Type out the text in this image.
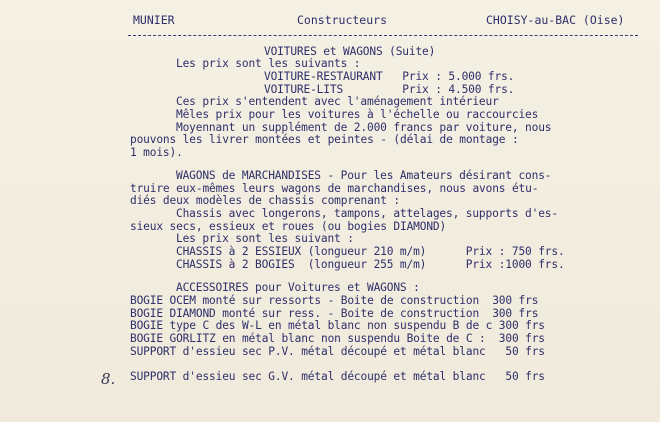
MUNIER	Constructeurs	CHOISY-au-BAC (Oise)
VOITURES et WAGONS (Suite)
Les prix sont les suivants :
VOITURE-RESTAURANT   Prix : 5.000 frs.
VOITURE-LITS         Prix : 4.500 frs.
Ces prix s'entendent avec l'aménagement intérieur
Mêles prix pour les voitures à l'échelle ou raccourcies
Moyennant un supplément de 2.000 francs par voiture, nous
pouvons les livrer montées et peintes - (délai de montage :
1 mois).
WAGONS de MARCHANDISES - Pour les Amateurs désirant cons-
truire eux-mêmes leurs wagons de marchandises, nous avons étu-
diés deux modèles de chassis comprenant :
Chassis avec longerons, tampons, attelages, supports d'es-
sieux secs, essieux et roues (ou bogies DIAMOND)
Les prix sont les suivant :
CHASSIS à 2 ESSIEUX (longueur 210 m/m)      Prix : 750 frs.
CHASSIS à 2 BOGIES  (longueur 255 m/m)      Prix :1000 frs.
ACCESSOIRES pour Voitures et WAGONS :
BOGIE OCEM monté sur ressorts - Boite de construction  300 frs
BOGIE DIAMOND monté sur ress. - Boite de construction  300 frs
BOGIE type C des W-L en métal blanc non suspendu B de c 300 frs
BOGIE GORLITZ en métal blanc non suspendu Boite de C :  300 frs
SUPPORT d'essieu sec P.V. métal découpé et métal blanc   50 frs
SUPPORT d'essieu sec G.V. métal découpé et métal blanc   50 frs
8.
